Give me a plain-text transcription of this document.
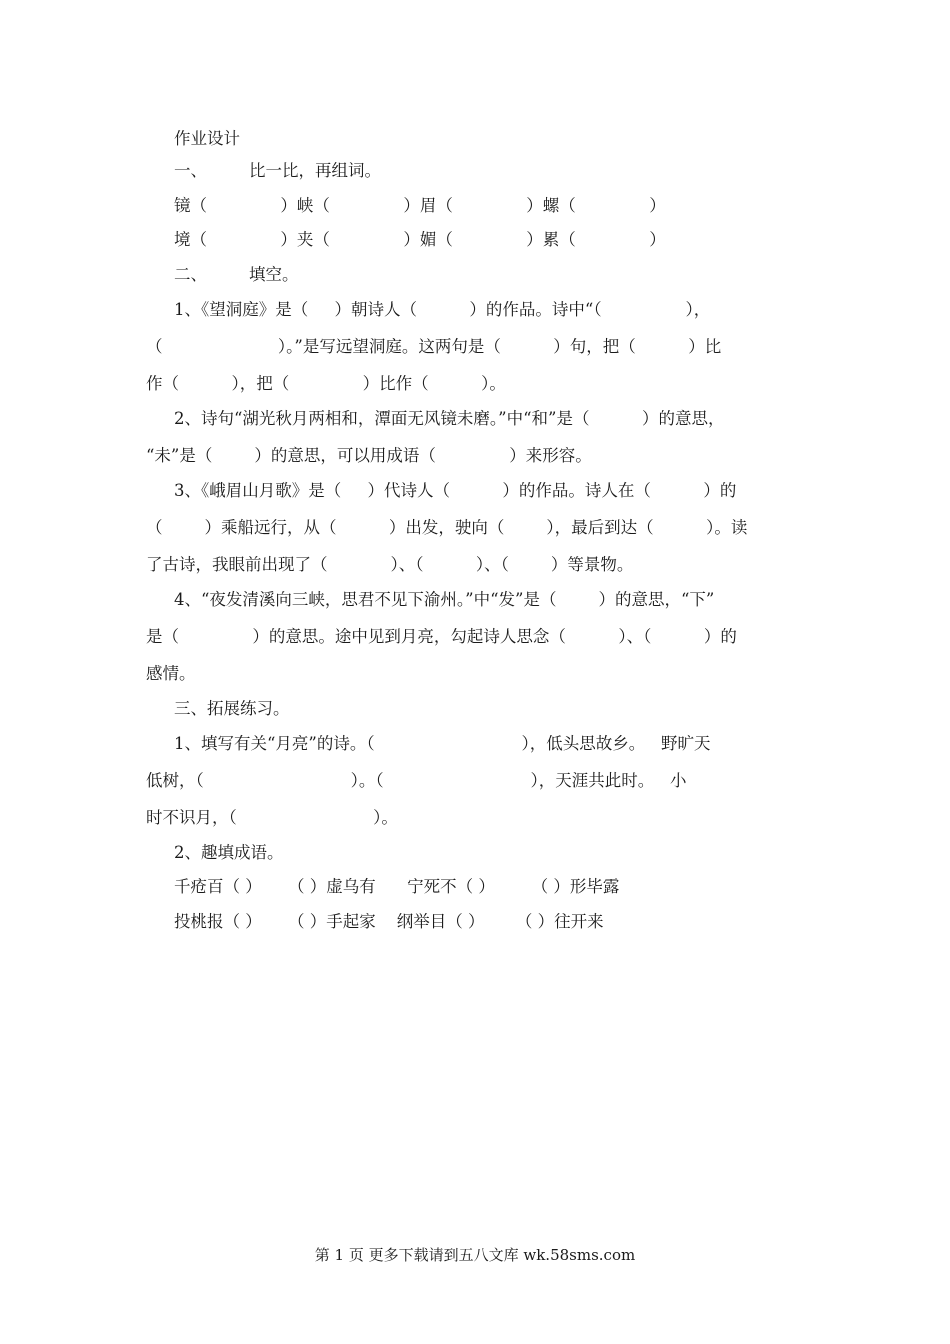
作业设计
一、        比一比，再组词。
镜（              ）峡（              ）眉（              ）螺（              ）
境（              ）夹（              ）媚（              ）累（              ）
二、        填空。
1、《望洞庭》是（     ）朝诗人（          ）的作品。诗中“（                ），
（                      ）。”是写远望洞庭。这两句是（          ）句，把（          ）比
作（          ），把（              ）比作（          ）。
2、诗句“湖光秋月两相和，潭面无风镜未磨。”中“和”是（          ）的意思，
“未”是（        ）的意思，可以用成语（              ）来形容。
3、《峨眉山月歌》是（     ）代诗人（          ）的作品。诗人在（          ）的
（        ）乘船远行，从（          ）出发，驶向（        ），最后到达（          ）。读
了古诗，我眼前出现了（            ）、（          ）、（        ）等景物。
4、“夜发清溪向三峡，思君不见下渝州。”中“发”是（        ）的意思，“下”
是（              ）的意思。途中见到月亮，勾起诗人思念（          ）、（          ）的
感情。
三、拓展练习。
1、填写有关“月亮”的诗。（                            ），低头思故乡。   野旷天
低树，（                            ）。（                            ），天涯共此时。   小
时不识月，（                          ）。
2、趣填成语。
千疮百（ ）     （ ）虚乌有      宁死不（ ）       （ ）形毕露
投桃报（ ）     （ ）手起家    纲举目（ ）      （ ）往开来
第 1 页 更多下载请到五八文库 wk.58sms.com
